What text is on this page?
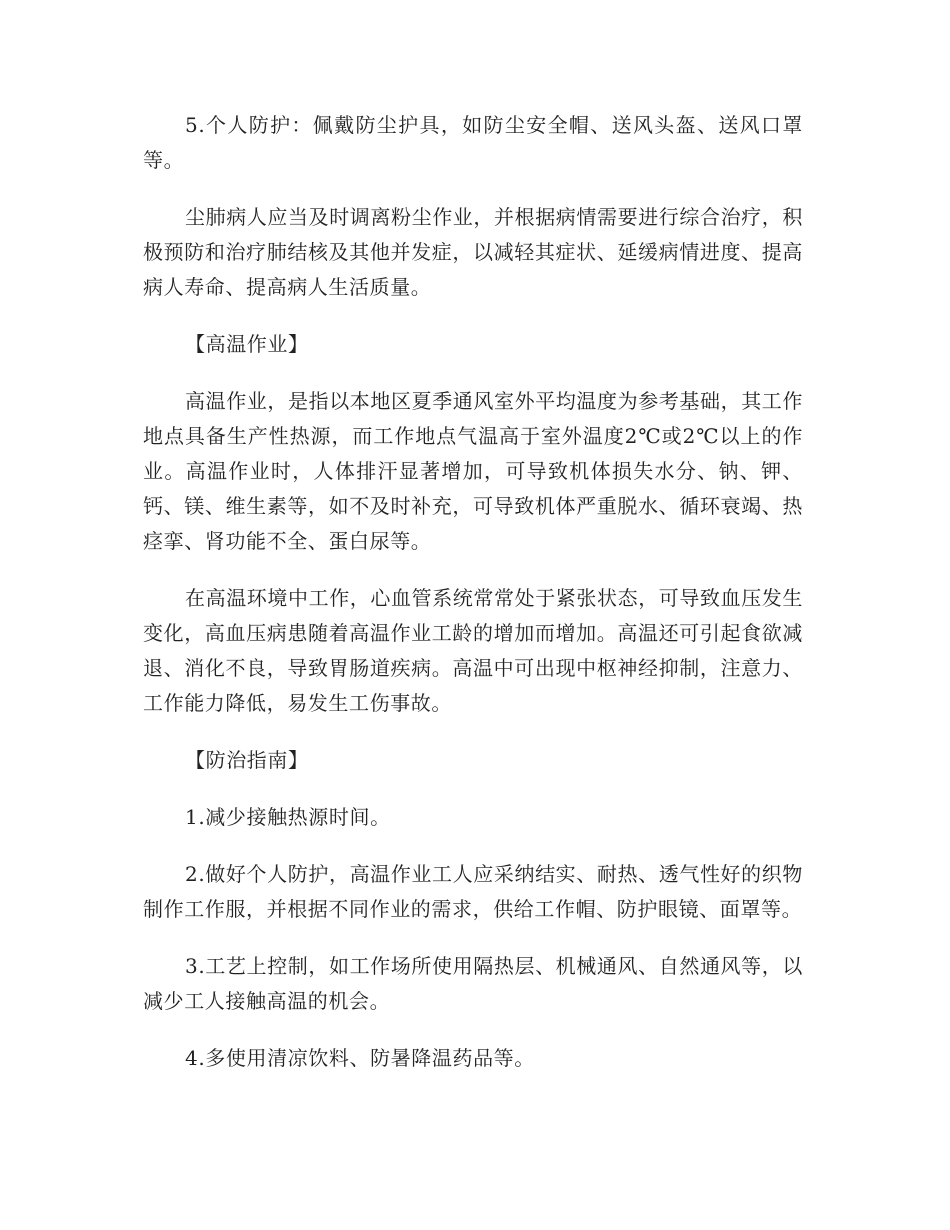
5.个人防护：佩戴防尘护具，如防尘安全帽、送风头盔、送风口罩等。

尘肺病人应当及时调离粉尘作业，并根据病情需要进行综合治疗，积极预防和治疗肺结核及其他并发症，以减轻其症状、延缓病情进度、提高病人寿命、提高病人生活质量。

【高温作业】

高温作业，是指以本地区夏季通风室外平均温度为参考基础，其工作地点具备生产性热源，而工作地点气温高于室外温度2℃或2℃以上的作业。高温作业时，人体排汗显著增加，可导致机体损失水分、钠、钾、钙、镁、维生素等，如不及时补充，可导致机体严重脱水、循环衰竭、热痉挛、肾功能不全、蛋白尿等。

在高温环境中工作，心血管系统常常处于紧张状态，可导致血压发生变化，高血压病患随着高温作业工龄的增加而增加。高温还可引起食欲减退、消化不良，导致胃肠道疾病。高温中可出现中枢神经抑制，注意力、工作能力降低，易发生工伤事故。

【防治指南】

1.减少接触热源时间。

2.做好个人防护，高温作业工人应采纳结实、耐热、透气性好的织物制作工作服，并根据不同作业的需求，供给工作帽、防护眼镜、面罩等。

3.工艺上控制，如工作场所使用隔热层、机械通风、自然通风等，以减少工人接触高温的机会。

4.多使用清凉饮料、防暑降温药品等。
